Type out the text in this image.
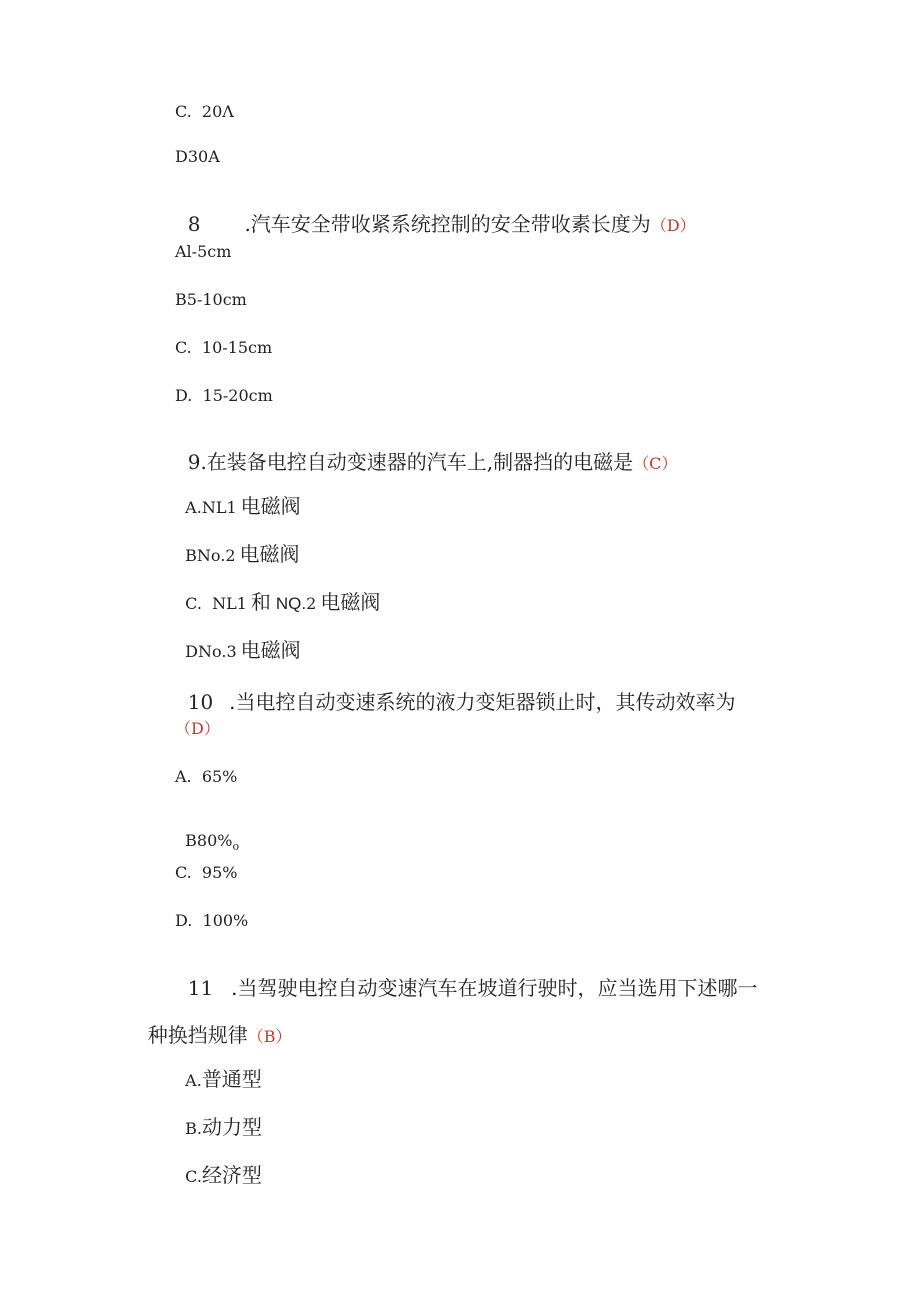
C.  20Λ
D30A

8 .汽车安全带收紧系统控制的安全带收素长度为（D）

Al-5cm
B5-10cm
C.  10-15cm
D.  15-20cm

9.在装备电控自动变速器的汽车上,制器挡的电磁是（C）

A.NL1 电磁阀

BNo.2 电磁阀

C.  NL1 和 NQ.2 电磁阀

DNo.3 电磁阀

10 .当电控自动变速系统的液力变矩器锁止时，其传动效率为

（D）
A.  65%

$B80\%_o$

C.  95%
D.  100%

11 .当驾驶电控自动变速汽车在坡道行驶时，应当选用下述哪一

种换挡规律（B）

A.普通型

B.动力型

C.经济型
